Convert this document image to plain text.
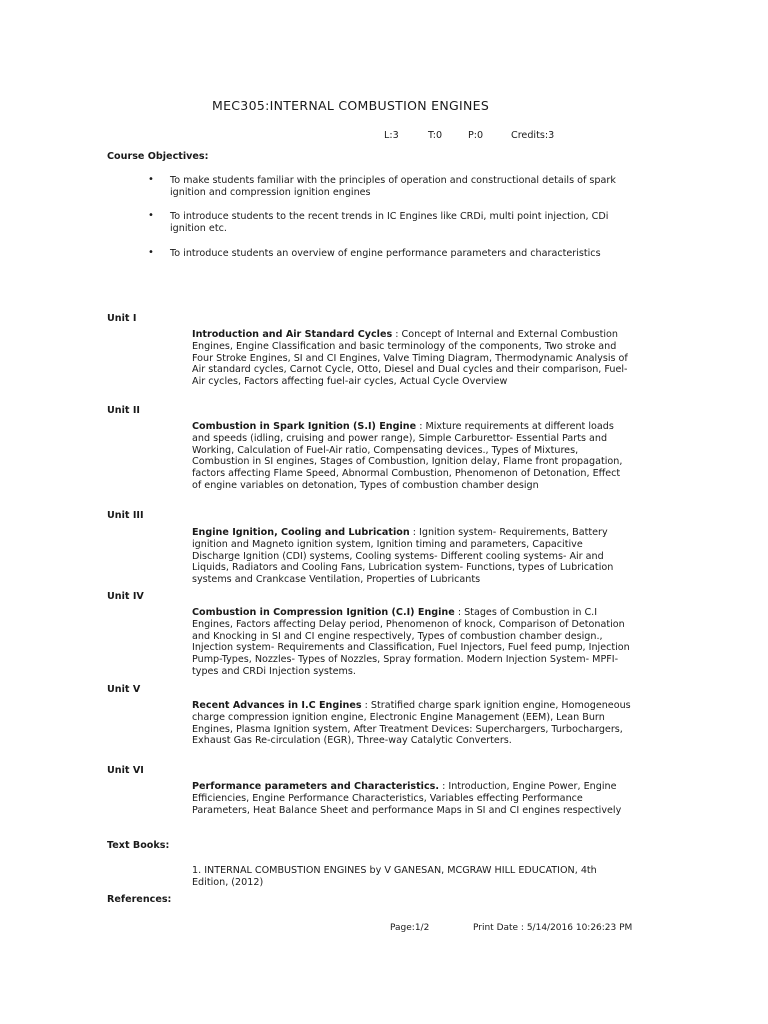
MEC305:INTERNAL COMBUSTION ENGINES
L:3	T:0	P:0	Credits:3
Course Objectives:
• To make students familiar with the principles of operation and constructional details of spark ignition and compression ignition engines
• To introduce students to the recent trends in IC Engines like CRDi, multi point injection, CDi ignition etc.
• To introduce students an overview of engine performance parameters and characteristics
Unit I
Introduction and Air Standard Cycles : Concept of Internal and External Combustion Engines, Engine Classification and basic terminology of the components, Two stroke and Four Stroke Engines, SI and CI Engines, Valve Timing Diagram, Thermodynamic Analysis of Air standard cycles, Carnot Cycle, Otto, Diesel and Dual cycles and their comparison, Fuel-Air cycles, Factors affecting fuel-air cycles, Actual Cycle Overview
Unit II
Combustion in Spark Ignition (S.I) Engine : Mixture requirements at different loads and speeds (idling, cruising and power range), Simple Carburettor- Essential Parts and Working, Calculation of Fuel-Air ratio, Compensating devices., Types of Mixtures, Combustion in SI engines, Stages of Combustion, Ignition delay, Flame front propagation, factors affecting Flame Speed, Abnormal Combustion, Phenomenon of Detonation, Effect of engine variables on detonation, Types of combustion chamber design
Unit III
Engine Ignition, Cooling and Lubrication : Ignition system- Requirements, Battery ignition and Magneto ignition system, Ignition timing and parameters, Capacitive Discharge Ignition (CDI) systems, Cooling systems- Different cooling systems- Air and Liquids, Radiators and Cooling Fans, Lubrication system- Functions, types of Lubrication systems and Crankcase Ventilation, Properties of Lubricants
Unit IV
Combustion in Compression Ignition (C.I) Engine : Stages of Combustion in C.I Engines, Factors affecting Delay period, Phenomenon of knock, Comparison of Detonation and Knocking in SI and CI engine respectively, Types of combustion chamber design., Injection system- Requirements and Classification, Fuel Injectors, Fuel feed pump, Injection Pump-Types, Nozzles- Types of Nozzles, Spray formation. Modern Injection System- MPFI- types and CRDi Injection systems.
Unit V
Recent Advances in I.C Engines : Stratified charge spark ignition engine, Homogeneous charge compression ignition engine, Electronic Engine Management (EEM), Lean Burn Engines, Plasma Ignition system, After Treatment Devices: Superchargers, Turbochargers, Exhaust Gas Re-circulation (EGR), Three-way Catalytic Converters.
Unit VI
Performance parameters and Characteristics. : Introduction, Engine Power, Engine Efficiencies, Engine Performance Characteristics, Variables effecting Performance Parameters, Heat Balance Sheet and performance Maps in SI and CI engines respectively
Text Books:
1. INTERNAL COMBUSTION ENGINES by V GANESAN, MCGRAW HILL EDUCATION, 4th Edition, (2012)
References:
Page:1/2	Print Date : 5/14/2016 10:26:23 PM
